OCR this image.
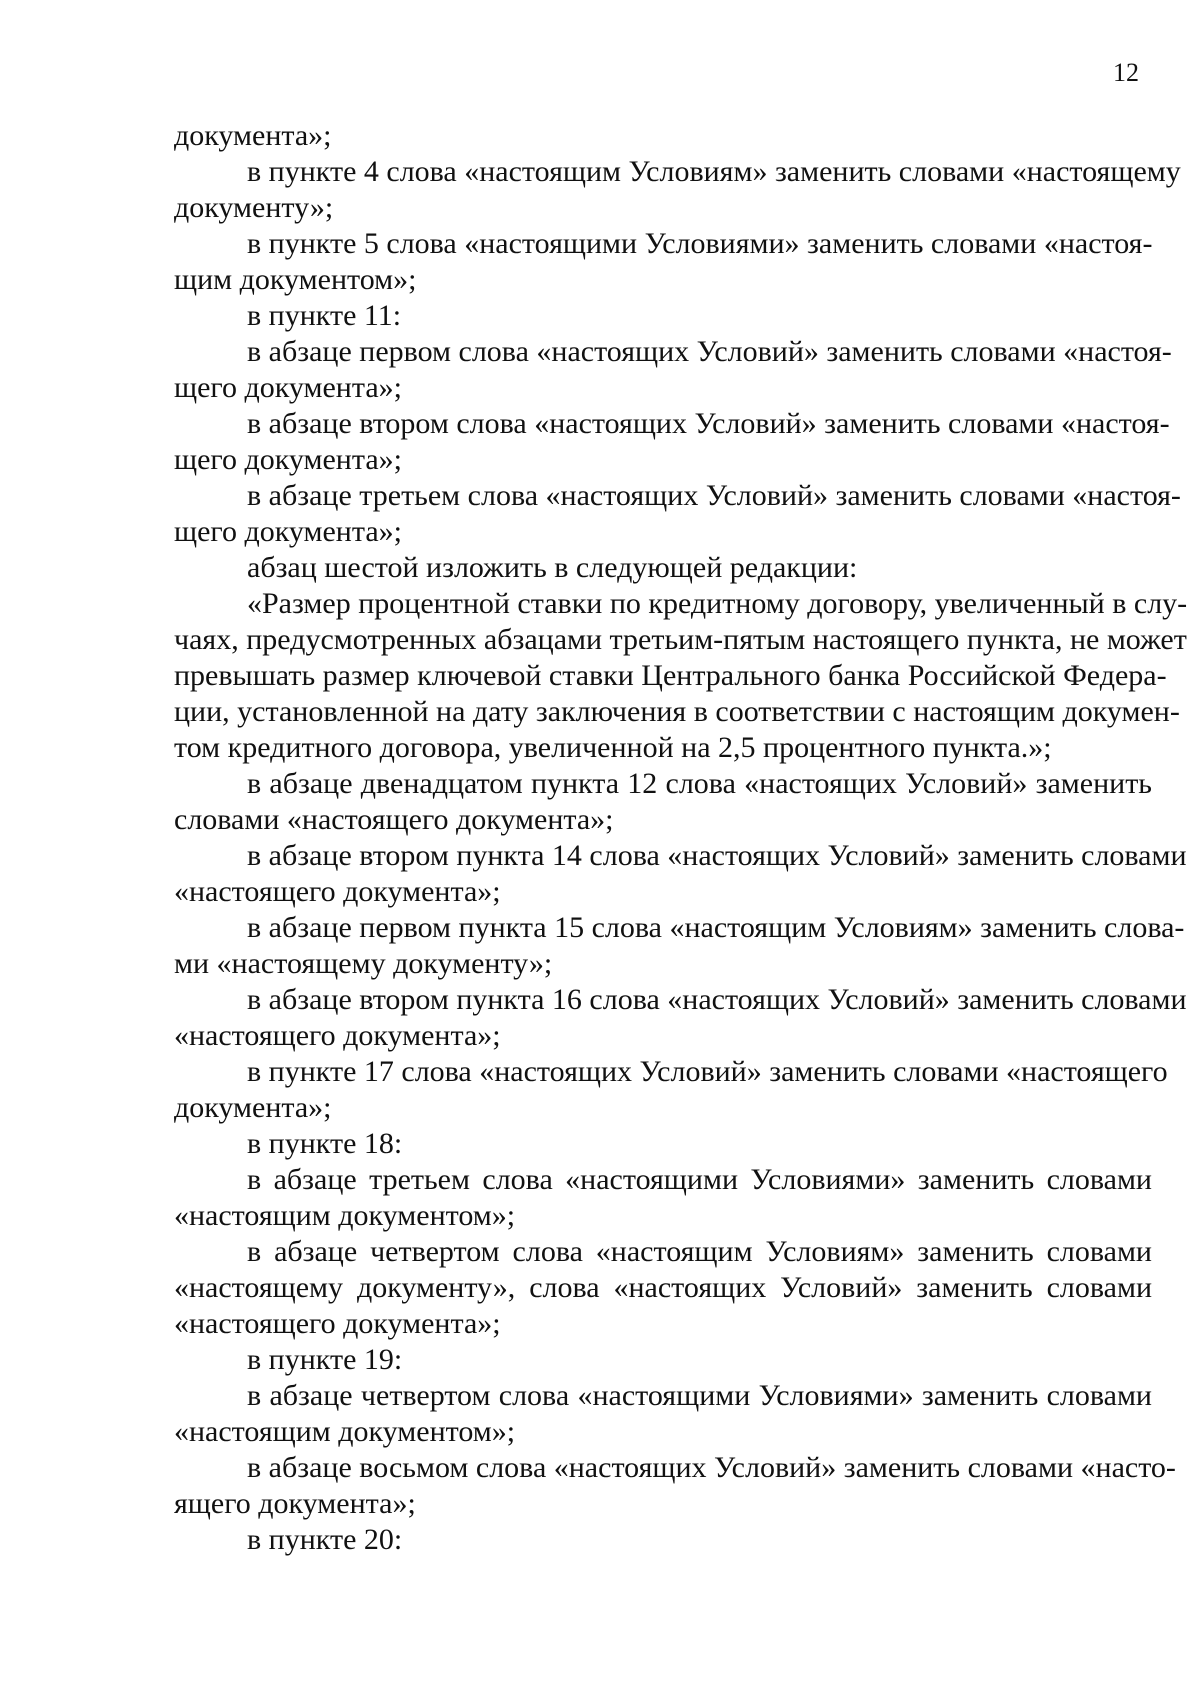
12
документа»;
в пункте 4 слова «настоящим Условиям» заменить словами «настоящему
документу»;
в пункте 5 слова «настоящими Условиями» заменить словами «настоя-
щим документом»;
в пункте 11:
в абзаце первом слова «настоящих Условий» заменить словами «настоя-
щего документа»;
в абзаце втором слова «настоящих Условий» заменить словами «настоя-
щего документа»;
в абзаце третьем слова «настоящих Условий» заменить словами «настоя-
щего документа»;
абзац шестой изложить в следующей редакции:
«Размер процентной ставки по кредитному договору, увеличенный в слу-
чаях, предусмотренных абзацами третьим-пятым настоящего пункта, не может
превышать размер ключевой ставки Центрального банка Российской Федера-
ции, установленной на дату заключения в соответствии с настоящим докумен-
том кредитного договора, увеличенной на 2,5 процентного пункта.»;
в абзаце двенадцатом пункта 12 слова «настоящих Условий» заменить
словами «настоящего документа»;
в абзаце втором пункта 14 слова «настоящих Условий» заменить словами
«настоящего документа»;
в абзаце первом пункта 15 слова «настоящим Условиям» заменить слова-
ми «настоящему документу»;
в абзаце втором пункта 16 слова «настоящих Условий» заменить словами
«настоящего документа»;
в пункте 17 слова «настоящих Условий» заменить словами «настоящего
документа»;
в пункте 18:
в абзаце третьем слова «настоящими Условиями» заменить словами
«настоящим документом»;
в абзаце четвертом слова «настоящим Условиям» заменить словами
«настоящему документу», слова «настоящих Условий» заменить словами
«настоящего документа»;
в пункте 19:
в абзаце четвертом слова «настоящими Условиями» заменить словами
«настоящим документом»;
в абзаце восьмом слова «настоящих Условий» заменить словами «насто-
ящего документа»;
в пункте 20:
